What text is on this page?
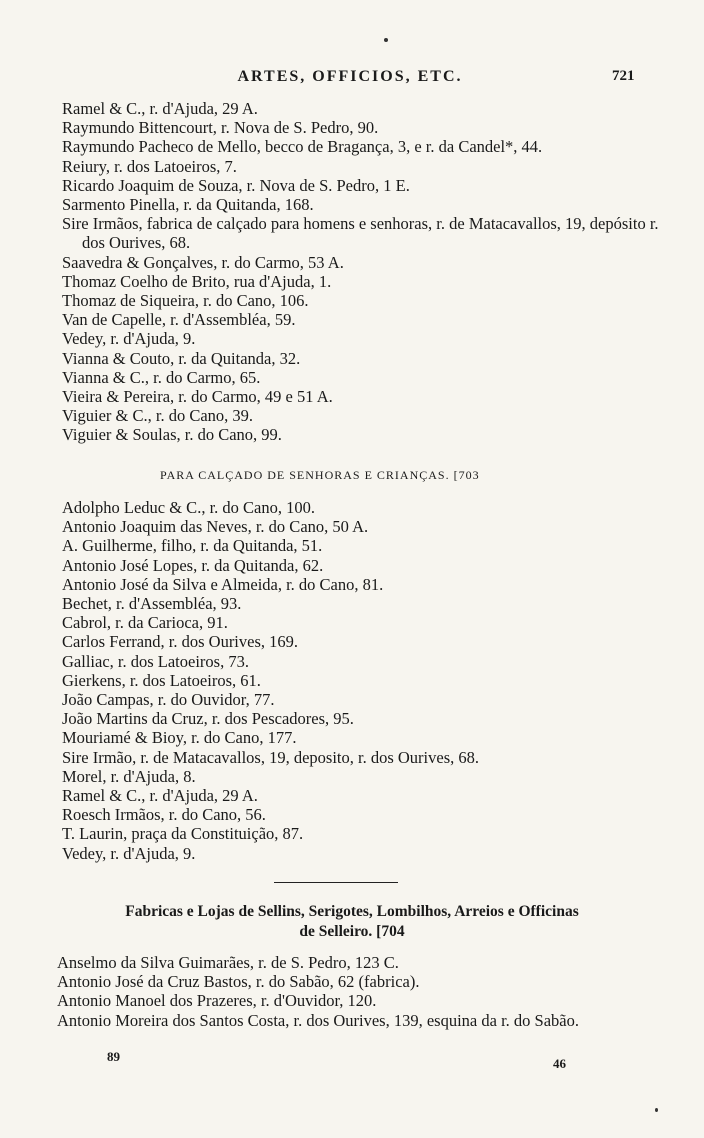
ARTES, OFFICIOS, ETC.	721
Ramel & C., r. d'Ajuda, 29 A.
Raymundo Bittencourt, r. Nova de S. Pedro, 90.
Raymundo Pacheco de Mello, becco de Bragança, 3, e r. da Candel*, 44.
Reiury, r. dos Latoeiros, 7.
Ricardo Joaquim de Souza, r. Nova de S. Pedro, 1 E.
Sarmento Pinella, r. da Quitanda, 168.
Sire Irmãos, fabrica de calçado para homens e senhoras, r. de Matacavallos, 19, depósito r. dos Ourives, 68.
Saavedra & Gonçalves, r. do Carmo, 53 A.
Thomaz Coelho de Brito, rua d'Ajuda, 1.
Thomaz de Siqueira, r. do Cano, 106.
Van de Capelle, r. d'Assembléa, 59.
Vedey, r. d'Ajuda, 9.
Vianna & Couto, r. da Quitanda, 32.
Vianna & C., r. do Carmo, 65.
Vieira & Pereira, r. do Carmo, 49 e 51 A.
Viguier & C., r. do Cano, 39.
Viguier & Soulas, r. do Cano, 99.
PARA CALÇADO DE SENHORAS E CRIANÇAS. [703
Adolpho Leduc & C., r. do Cano, 100.
Antonio Joaquim das Neves, r. do Cano, 50 A.
A. Guilherme, filho, r. da Quitanda, 51.
Antonio José Lopes, r. da Quitanda, 62.
Antonio José da Silva e Almeida, r. do Cano, 81.
Bechet, r. d'Assembléa, 93.
Cabrol, r. da Carioca, 91.
Carlos Ferrand, r. dos Ourives, 169.
Galliac, r. dos Latoeiros, 73.
Gierkens, r. dos Latoeiros, 61.
João Campas, r. do Ouvidor, 77.
João Martins da Cruz, r. dos Pescadores, 95.
Mouriamé & Bioy, r. do Cano, 177.
Sire Irmão, r. de Matacavallos, 19, deposito, r. dos Ourives, 68.
Morel, r. d'Ajuda, 8.
Ramel & C., r. d'Ajuda, 29 A.
Roesch Irmãos, r. do Cano, 56.
T. Laurin, praça da Constituição, 87.
Vedey, r. d'Ajuda, 9.
Fabricas e Lojas de Sellins, Serigotes, Lombilhos, Arreios e Officinas
de Selleiro. [704
Anselmo da Silva Guimarães, r. de S. Pedro, 123 C.
Antonio José da Cruz Bastos, r. do Sabão, 62 (fabrica).
Antonio Manoel dos Prazeres, r. d'Ouvidor, 120.
Antonio Moreira dos Santos Costa, r. dos Ourives, 139, esquina da r. do Sabão.
89	46
